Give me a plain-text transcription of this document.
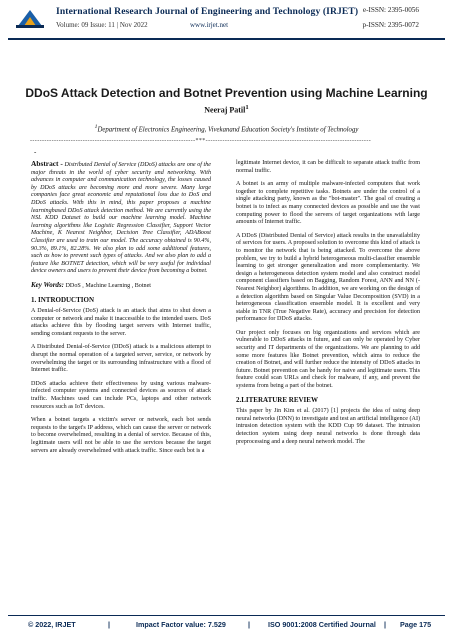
International Research Journal of Engineering and Technology (IRJET)
Volume: 09 Issue: 11 | Nov 2022	www.irjet.net
e-ISSN: 2395-0056
p-ISSN: 2395-0072
DDoS Attack Detection and Botnet Prevention using Machine Learning
Neeraj Patil$^1$
$^1$Department of Electronics Engineering, Vivekanand Education Society's Institute of Technology
---------------------------------------------------------------------***---------------------------------------------------------------------
-

Abstract - Distributed Denial of Service (DDoS) attacks are one of the major threats in the world of cyber security and networking. With advances in computer and communication technology, the losses caused by DDoS attacks are becoming more and more severe. Many large companies face great economic and reputational loss due to DoS and DDoS attacks. With this in mind, this paper proposes a machine learningbased DDoS attack detection method. We are currently using the NSL KDD Dataset to build our machine learning model. Machine learning algorithms like Logistic Regression Classifier, Support Vector Machine, K Nearest Neighbor, Decision Tree Classifier, ADABoost Classifier are used to train our model. The accuracy obtained is 90.4%, 90.3%, 89.1%, 82.28%. We also plan to add some additional features, such as how to prevent such types of attacks. And we also plan to add a feature like BOTNET detection, which will be very useful for individual device owners and users to prevent their device from becoming a botnet.

Key Words: DDoS , Machine Learning , Botnet

1. INTRODUCTION

A Denial-of-Service (DoS) attack is an attack that aims to shut down a computer or network and make it inaccessible to the intended users. DoS attacks achieve this by flooding target servers with Internet traffic, sending constant requests to the server.

A Distributed Denial-of-Service (DDoS) attack is a malicious attempt to disrupt the normal operation of a targeted server, service, or network by overwhelming the target or its surrounding infrastructure with a flood of Internet traffic.

DDoS attacks achieve their effectiveness by using various malware-infected computer systems and connected devices as sources of attack traffic. Machines used can include PCs, laptops and other network resources such as IoT devices.

When a botnet targets a victim's server or network, each bot sends requests to the target's IP address, which can cause the server or network to become overwhelmed, resulting in a denial of service. Because of this, legitimate users will not be able to use the services because the target servers are already overwhelmed with attack traffic. Since each bot is a

legitimate Internet device, it can be difficult to separate attack traffic from normal traffic.

A botnet is an army of multiple malware-infected computers that work together to complete repetitive tasks. Botnets are under the control of a single attacking party, known as the "bot-master". The goal of creating a botnet is to infect as many connected devices as possible and use the vast computing power to flood the servers of target organizations with large amounts of Internet traffic.

A DDoS (Distributed Denial of Service) attack results in the unavailability of services for users. A proposed solution to overcome this kind of attack is to monitor the network that is being attacked. To overcome the above problem, we try to build a hybrid heterogeneous multi-classifier ensemble learning to get stronger generalization and more complementarity. We design a heterogeneous detection system model and also construct model component classifiers based on Bagging, Random Forest, ANN and NN (-Nearest Neighbor) algorithms. In addition, we are working on the design of a detection algorithm based on Singular Value Decomposition (SVD) in a heterogeneous classification ensemble model. It is excellent and very stable in TNR (True Negative Rate), accuracy and precision for detection performance for DDoS attacks.

Our project only focuses on big organizations and services which are vulnerable to DDoS attacks in future, and can only be operated by Cyber security and IT departments of the organizations. We are planning to add some more features like Botnet prevention, which aims to reduce the creation of Botnet, and will further reduce the intensity of DDoS attacks in future. Botnet prevention can be handy for naive and legitimate users. This feature could scan URLs and check for malware, if any, and prevent the systems from being a part of the botnet.

2.LITERATURE REVIEW

This paper by Jin Kim et al. (2017) [1] projects the idea of using deep neural networks (DNN) to investigate and test an artificial intelligence (AI) intrusion detection system with the KDD Cup 99 dataset. The intrusion detection system using deep neural networks is done through data preprocessing and a deep neural network model. The

© 2022, IRJET	|	Impact Factor value: 7.529	| ISO 9001:2008 Certified Journal | Page 175
